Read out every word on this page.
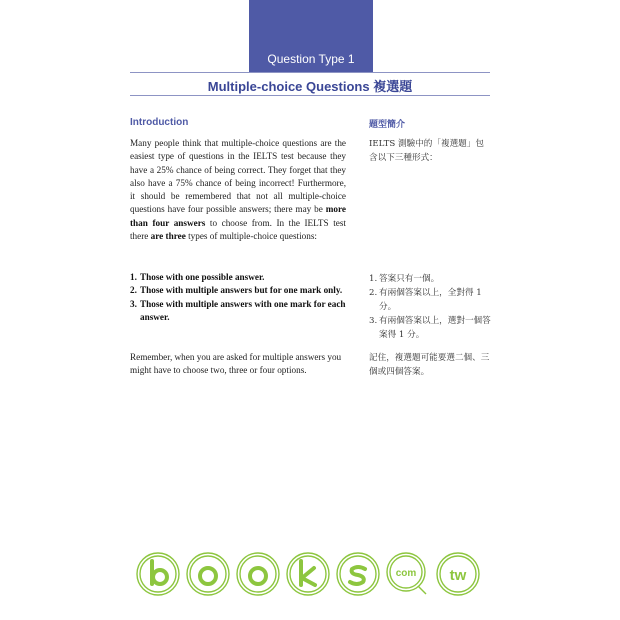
Question Type 1
Multiple-choice Questions 複選題
Introduction	題型簡介
Many people think that multiple-choice questions are the easiest type of questions in the IELTS test because they have a 25% chance of being correct. They forget that they also have a 75% chance of being incorrect! Furthermore, it should be remembered that not all multiple-choice questions have four possible answers; there may be more than four answers to choose from. In the IELTS test there are three types of multiple-choice questions:
1. Those with one possible answer.
2. Those with multiple answers but for one mark only.
3. Those with multiple answers with one mark for each answer.
Remember, when you are asked for multiple answers you might have to choose two, three or four options.
IELTS 測驗中的「複選題」包含以下三種形式：
1. 答案只有一個。
2. 有兩個答案以上，全對得 1 分。
3. 有兩個答案以上，選對一個答案得 1 分。
記住，複選題可能要選二個、三個或四個答案。
com tw
